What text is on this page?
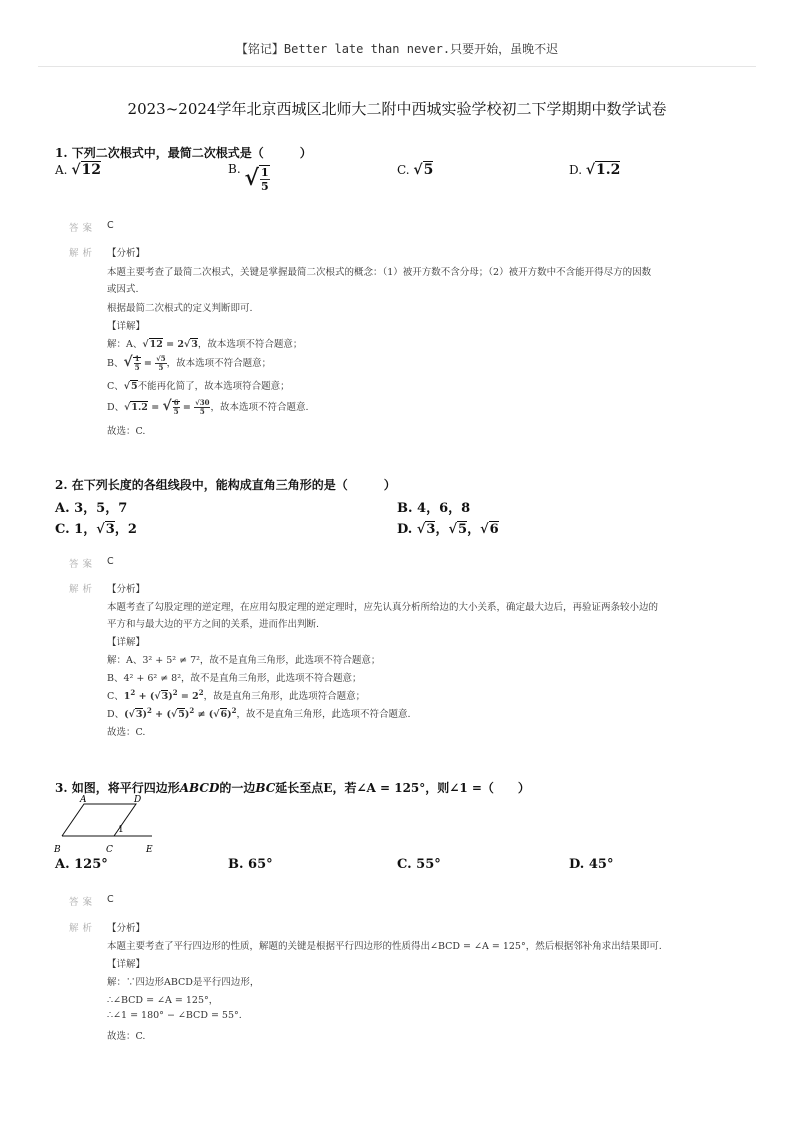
【铭记】Better late than never.只要开始，虽晚不迟
2023~2024学年北京西城区北师大二附中西城实验学校初二下学期期中数学试卷
1. 下列二次根式中，最简二次根式是（　　　）
A. √12	B. √ $\frac{1}{5}$	C. √5	D. √1.2
答案 C
解析 【分析】
本题主要考查了最简二次根式，关键是掌握最简二次根式的概念：（1）被开方数不含分母；（2）被开方数中不含能开得尽方的因数
或因式.
根据最简二次根式的定义判断即可.
【详解】
解：A、√12 = 2√3，故本选项不符合题意；
B、√ $\frac{1}{5} = \frac{√5}{5}$ ，故本选项不符合题意；
C、√5不能再化简了，故本选项符合题意；
D、√1.2 = √ $\frac{6}{5} = \frac{√30}{5}$ ，故本选项不符合题意.
故选：C.
2. 在下列长度的各组线段中，能构成直角三角形的是（　　　）
A. 3，5，7	B. 4，6，8
C. 1，√3，2	D. √3，√5，√6
答案 C
解析 【分析】
本题考查了勾股定理的逆定理，在应用勾股定理的逆定理时，应先认真分析所给边的大小关系，确定最大边后，再验证两条较小边的
平方和与最大边的平方之间的关系，进而作出判断.
【详解】
解：A、3² + 5² ≠ 7²，故不是直角三角形，此选项不符合题意；
B、4² + 6² ≠ 8²，故不是直角三角形，此选项不符合题意；
C、$1^2 + (√3)^2 = 2^2$，故是直角三角形，此选项符合题意；
D、$(√3)^2 + (√5)^2 \ne (√6)^2$，故不是直角三角形，此选项不符合题意.
故选：C.
3. 如图，将平行四边形ABCD的一边BC延长至点E，若∠A = 125°，则∠1 =（　　）
A	D
B	C	E
1
A. 125°	B. 65°	C. 55°	D. 45°
答案 C
解析 【分析】
本题主要考查了平行四边形的性质，解题的关键是根据平行四边形的性质得出∠BCD = ∠A = 125°，然后根据邻补角求出结果即可.
【详解】
解：∵四边形ABCD是平行四边形，
∴∠BCD = ∠A = 125°，
∴∠1 = 180° − ∠BCD = 55°.
故选：C.
